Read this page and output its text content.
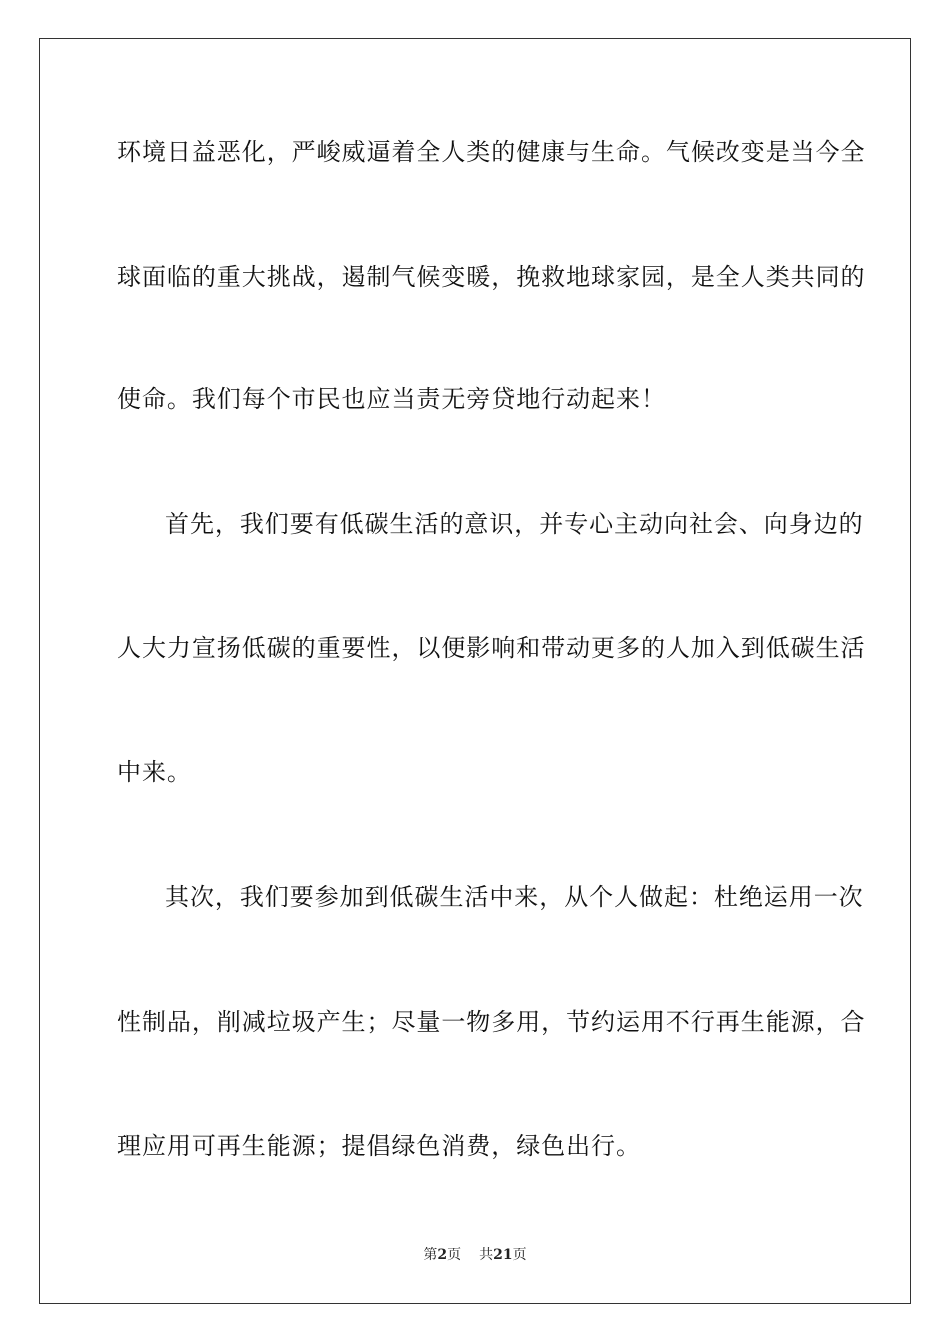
环境日益恶化，严峻威逼着全人类的健康与生命。气候改变是当今全

球面临的重大挑战，遏制气候变暖，挽救地球家园，是全人类共同的

使命。我们每个市民也应当责无旁贷地行动起来！

首先，我们要有低碳生活的意识，并专心主动向社会、向身边的

人大力宣扬低碳的重要性，以便影响和带动更多的人加入到低碳生活

中来。

其次，我们要参加到低碳生活中来，从个人做起：杜绝运用一次

性制品，削减垃圾产生；尽量一物多用，节约运用不行再生能源，合

理应用可再生能源；提倡绿色消费，绿色出行。

第2页 共21页
